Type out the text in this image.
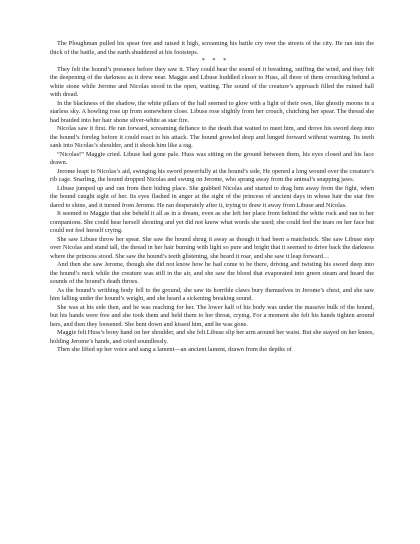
The Ploughman pulled his spear free and raised it high, screaming his battle cry over the streets of the city. He ran into the thick of the battle, and the earth shuddered at his footsteps.

* * *

They felt the hound’s presence before they saw it. They could hear the sound of it breathing, sniffing the wind, and they felt the deepening of the darkness as it drew near. Maggie and Libuse huddled closer to Huss, all three of them crouching behind a white stone while Jerome and Nicolas stood in the open, waiting. The sound of the creature’s approach filled the ruined hall with dread.

In the blackness of the shadow, the white pillars of the hall seemed to glow with a light of their own, like ghostly moons in a starless sky. A howling rose up from somewhere close. Libuse rose slightly from her crouch, clutching her spear. The thread she had braided into her hair shone silver-white as star fire.

Nicolas saw it first. He ran forward, screaming defiance to the death that waited to meet him, and drove his sword deep into the hound’s foreleg before it could react to his attack. The hound growled deep and lunged forward without warning. Its teeth sank into Nicolas’s shoulder, and it shook him like a rag.

“Nicolas!” Maggie cried. Libuse had gone pale. Huss was sitting on the ground between them, his eyes closed and his face drawn.

Jerome leapt to Nicolas’s aid, swinging his sword powerfully at the hound’s side, He opened a long wound over the creature’s rib cage. Snarling, the hound dropped Nicolas and swung on Jerome, who sprang away from the animal’s snapping jaws.

Libuse jumped up and ran from their hiding place. She grabbed Nicolas and started to drag him away from the fight, when the hound caught sight of her. Its eyes flashed in anger at the sight of the princess of ancient days in whose hair the star fire dared to shine, and it turned from Jerome. He ran desperately after it, trying to draw it away from Libuse and Nicolas.

It seemed to Maggie that she beheld it all as in a dream, even as she left her place from behind the white rock and ran to her companions. She could hear herself shouting and yet did not know what words she used; she could feel the tears on her face but could not feel herself crying.

She saw Libuse throw her spear. She saw the hound shrug it away as though it had been a matchstick. She saw Libuse step over Nicolas and stand tall, the thread in her hair burning with light so pure and bright that it seemed to drive back the darkness where the princess stood. She saw the hound’s teeth glistening, she heard it roar, and she saw it leap forward…

And then she saw Jerome, though she did not know how he had come to be there, driving and twisting his sword deep into the hound’s neck while the creature was still in the air, and she saw the blood that evaporated into green steam and heard the sounds of the hound’s death throes.

As the hound’s writhing body fell to the ground, she saw its horrible claws bury themselves in Jerome’s chest, and she saw him falling under the hound’s weight, and she heard a sickening breaking sound.

She was at his side then, and he was reaching for her. The lower half of his body was under the massive bulk of the hound, but his hands were free and she took them and held them to her throat, crying. For a moment she felt his hands tighten around hers, and then they loosened. She bent down and kissed him, and he was gone.

Maggie felt Huss’s bony hand on her shoulder, and she felt Libuse slip her arm around her waist. But she stayed on her knees, holding Jerome’s hands, and cried soundlessly.

Then she lifted up her voice and sang a lament—an ancient lament, drawn from the depths of
